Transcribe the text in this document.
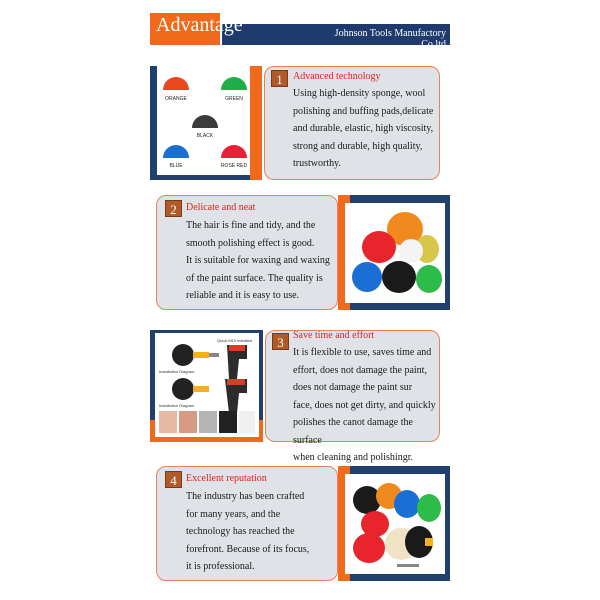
Advantage	Johnson Tools Manufactory Co.ltd
ORANGE	GREEN
BLACK
BLUE	ROSE RED
1	Advanced technology
Using high-density sponge, wool
polishing and buffing pads,delicate
and durable, elastic, high viscosity,
strong and durable, high quality,
trustworthy.
2 Delicate and neat
The hair is fine and tidy, and the
smooth polishing effect is good.
It is suitable for waxing and waxing
of the paint surface. The quality is
reliable and it is easy to use.
Quick M10 installed
Installation Diagram
Installation Diagram
3 Save time and effort
It is flexible to use, saves time and
effort, does not damage the paint,
does not damage the paint sur
face, does not get dirty, and quickly
polishes the canot damage the surface
when cleaning and polishingr.
4 Excellent reputation
The industry has been crafted
for many years, and the
technology has reached the
forefront. Because of its focus,
it is professional.
